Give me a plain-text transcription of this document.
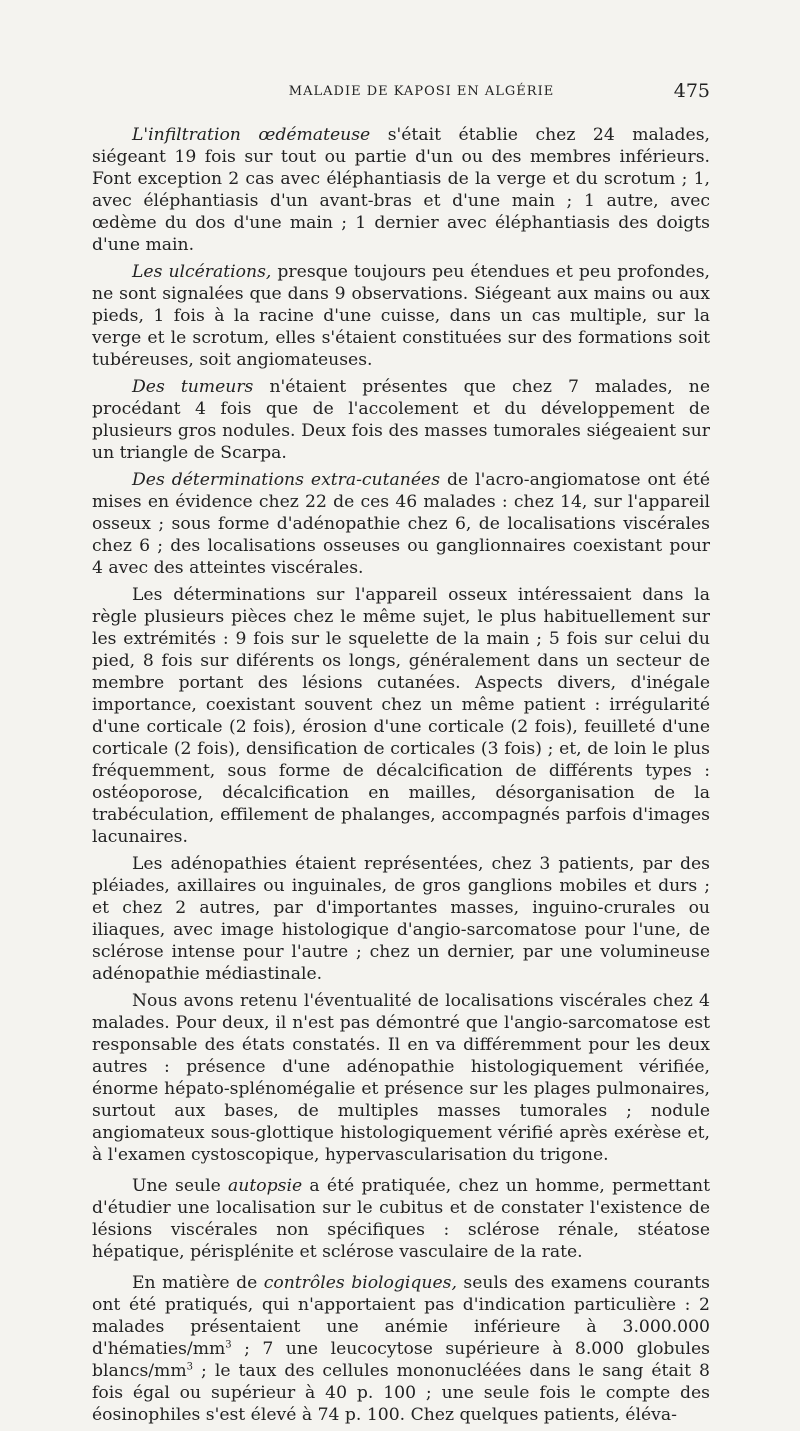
MALADIE DE KAPOSI EN ALGÉRIE	475

L'infiltration œdémateuse s'était établie chez 24 malades, siégeant 19 fois sur tout ou partie d'un ou des membres inférieurs. Font exception 2 cas avec éléphantiasis de la verge et du scrotum ; 1, avec éléphantiasis d'un avant-bras et d'une main ; 1 autre, avec œdème du dos d'une main ; 1 dernier avec éléphantiasis des doigts d'une main.

Les ulcérations, presque toujours peu étendues et peu profondes, ne sont signalées que dans 9 observations. Siégeant aux mains ou aux pieds, 1 fois à la racine d'une cuisse, dans un cas multiple, sur la verge et le scrotum, elles s'étaient constituées sur des formations soit tubéreuses, soit angiomateuses.

Des tumeurs n'étaient présentes que chez 7 malades, ne procédant 4 fois que de l'accolement et du développement de plusieurs gros nodules. Deux fois des masses tumorales siégeaient sur un triangle de Scarpa.

Des déterminations extra-cutanées de l'acro-angiomatose ont été mises en évidence chez 22 de ces 46 malades : chez 14, sur l'appareil osseux ; sous forme d'adénopathie chez 6, de localisations viscérales chez 6 ; des localisations osseuses ou ganglionnaires coexistant pour 4 avec des atteintes viscérales.

Les déterminations sur l'appareil osseux intéressaient dans la règle plusieurs pièces chez le même sujet, le plus habituellement sur les extrémités : 9 fois sur le squelette de la main ; 5 fois sur celui du pied, 8 fois sur diférents os longs, généralement dans un secteur de membre portant des lésions cutanées. Aspects divers, d'inégale importance, coexistant souvent chez un même patient : irrégularité d'une corticale (2 fois), érosion d'une corticale (2 fois), feuilleté d'une corticale (2 fois), densification de corticales (3 fois) ; et, de loin le plus fréquemment, sous forme de décalcification de différents types : ostéoporose, décalcification en mailles, désorganisation de la trabéculation, effilement de phalanges, accompagnés parfois d'images lacunaires.

Les adénopathies étaient représentées, chez 3 patients, par des pléiades, axillaires ou inguinales, de gros ganglions mobiles et durs ; et chez 2 autres, par d'importantes masses, inguino-crurales ou iliaques, avec image histologique d'angio-sarcomatose pour l'une, de sclérose intense pour l'autre ; chez un dernier, par une volumineuse adénopathie médiastinale.

Nous avons retenu l'éventualité de localisations viscérales chez 4 malades. Pour deux, il n'est pas démontré que l'angio-sarcomatose est responsable des états constatés. Il en va différemment pour les deux autres : présence d'une adénopathie histologiquement vérifiée, énorme hépato-splénomégalie et présence sur les plages pulmonaires, surtout aux bases, de multiples masses tumorales ; nodule angiomateux sous-glottique histologiquement vérifié après exérèse et, à l'examen cystoscopique, hypervascularisation du trigone.

Une seule autopsie a été pratiquée, chez un homme, permettant d'étudier une localisation sur le cubitus et de constater l'existence de lésions viscérales non spécifiques : sclérose rénale, stéatose hépatique, périsplénite et sclérose vasculaire de la rate.

En matière de contrôles biologiques, seuls des examens courants ont été pratiqués, qui n'apportaient pas d'indication particulière : 2 malades présentaient une anémie inférieure à 3.000.000 $d'hématies/mm^3$ ; 7 une leucocytose supérieure à 8.000 globules blancs/$mm^3$ ; le taux des cellules mononucléées dans le sang était 8 fois égal ou supérieur à 40 p. 100 ; une seule fois le compte des éosinophiles s'est élevé à 74 p. 100. Chez quelques patients, éléva-
